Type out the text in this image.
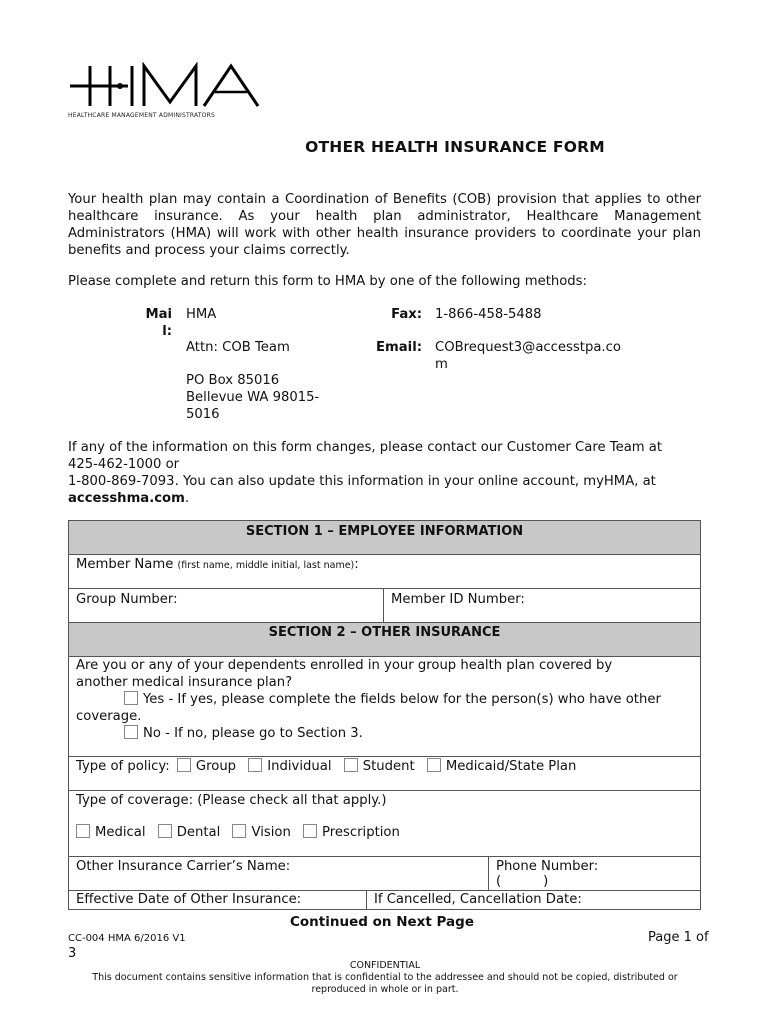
HEALTHCARE MANAGEMENT ADMINISTRATORS
OTHER HEALTH INSURANCE FORM
Your health plan may contain a Coordination of Benefits (COB) provision that applies to other healthcare insurance. As your health plan administrator, Healthcare Management Administrators (HMA) will work with other health insurance providers to coordinate your plan benefits and process your claims correctly.
Please complete and return this form to HMA by one of the following methods:
Mai
l:
HMA
Attn: COB Team
PO Box 85016
Bellevue WA 98015-
5016
Fax: 1-866-458-5488
Email: COBrequest3@accesstpa.co
m
If any of the information on this form changes, please contact our Customer Care Team at
425-462-1000 or
1-800-869-7093. You can also update this information in your online account, myHMA, at
accesshma.com.
SECTION 1 – EMPLOYEE INFORMATION
Member Name (first name, middle initial, last name):
Group Number:	Member ID Number:
SECTION 2 – OTHER INSURANCE
Are you or any of your dependents enrolled in your group health plan covered by
another medical insurance plan?
Yes - If yes, please complete the fields below for the person(s) who have other
coverage.
No - If no, please go to Section 3.
Type of policy: Group Individual Student Medicaid/State Plan
Type of coverage: (Please check all that apply.)
Medical Dental Vision Prescription
Other Insurance Carrier’s Name:	Phone Number:
(          )
Effective Date of Other Insurance:	If Cancelled, Cancellation Date:
Continued on Next Page
CC-004 HMA 6/2016 V1	Page 1 of
3
CONFIDENTIAL
This document contains sensitive information that is confidential to the addressee and should not be copied, distributed or
reproduced in whole or in part.
